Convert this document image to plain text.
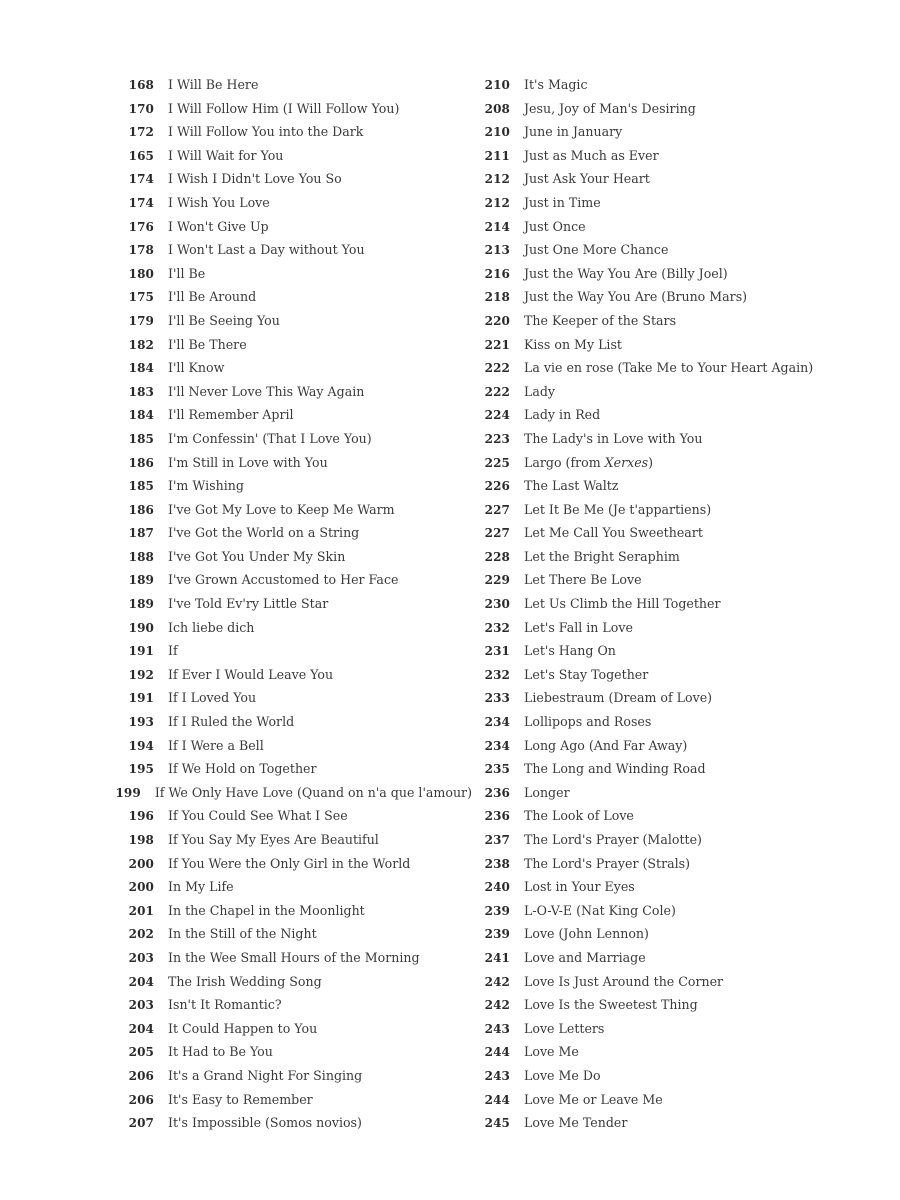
168 I Will Be Here
170 I Will Follow Him (I Will Follow You)
172 I Will Follow You into the Dark
165 I Will Wait for You
174 I Wish I Didn't Love You So
174 I Wish You Love
176 I Won't Give Up
178 I Won't Last a Day without You
180 I'll Be
175 I'll Be Around
179 I'll Be Seeing You
182 I'll Be There
184 I'll Know
183 I'll Never Love This Way Again
184 I'll Remember April
185 I'm Confessin' (That I Love You)
186 I'm Still in Love with You
185 I'm Wishing
186 I've Got My Love to Keep Me Warm
187 I've Got the World on a String
188 I've Got You Under My Skin
189 I've Grown Accustomed to Her Face
189 I've Told Ev'ry Little Star
190 Ich liebe dich
191 If
192 If Ever I Would Leave You
191 If I Loved You
193 If I Ruled the World
194 If I Were a Bell
195 If We Hold on Together
199 If We Only Have Love (Quand on n'a que l'amour)
196 If You Could See What I See
198 If You Say My Eyes Are Beautiful
200 If You Were the Only Girl in the World
200 In My Life
201 In the Chapel in the Moonlight
202 In the Still of the Night
203 In the Wee Small Hours of the Morning
204 The Irish Wedding Song
203 Isn't It Romantic?
204 It Could Happen to You
205 It Had to Be You
206 It's a Grand Night For Singing
206 It's Easy to Remember
207 It's Impossible (Somos novios)
210 It's Magic
208 Jesu, Joy of Man's Desiring
210 June in January
211 Just as Much as Ever
212 Just Ask Your Heart
212 Just in Time
214 Just Once
213 Just One More Chance
216 Just the Way You Are (Billy Joel)
218 Just the Way You Are (Bruno Mars)
220 The Keeper of the Stars
221 Kiss on My List
222 La vie en rose (Take Me to Your Heart Again)
222 Lady
224 Lady in Red
223 The Lady's in Love with You
225 Largo (from Xerxes)
226 The Last Waltz
227 Let It Be Me (Je t'appartiens)
227 Let Me Call You Sweetheart
228 Let the Bright Seraphim
229 Let There Be Love
230 Let Us Climb the Hill Together
232 Let's Fall in Love
231 Let's Hang On
232 Let's Stay Together
233 Liebestraum (Dream of Love)
234 Lollipops and Roses
234 Long Ago (And Far Away)
235 The Long and Winding Road
236 Longer
236 The Look of Love
237 The Lord's Prayer (Malotte)
238 The Lord's Prayer (Strals)
240 Lost in Your Eyes
239 L-O-V-E (Nat King Cole)
239 Love (John Lennon)
241 Love and Marriage
242 Love Is Just Around the Corner
242 Love Is the Sweetest Thing
243 Love Letters
244 Love Me
243 Love Me Do
244 Love Me or Leave Me
245 Love Me Tender
